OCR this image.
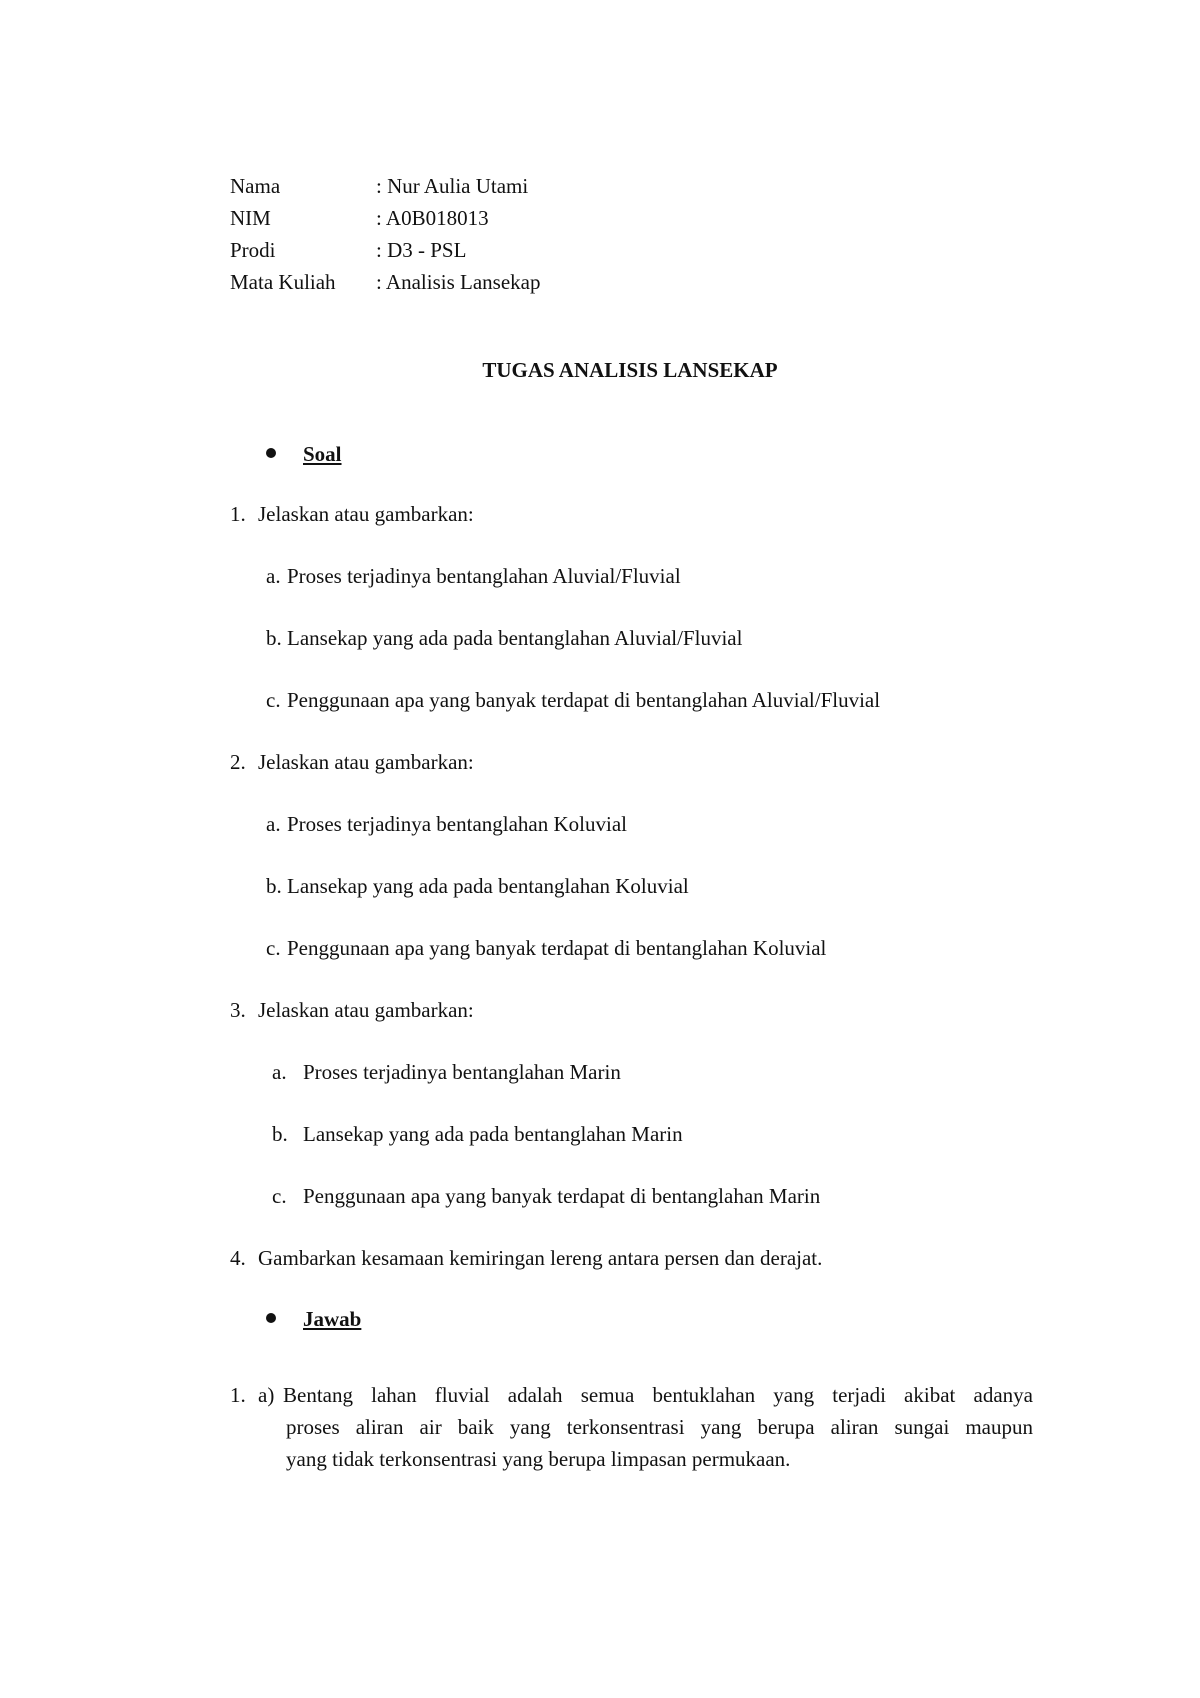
Nama	: Nur Aulia Utami
NIM	: A0B018013
Prodi	: D3 - PSL
Mata Kuliah : Analisis Lansekap
TUGAS ANALISIS LANSEKAP
Soal
1. Jelaskan atau gambarkan:
a. Proses terjadinya bentanglahan Aluvial/Fluvial
b. Lansekap yang ada pada bentanglahan Aluvial/Fluvial
c. Penggunaan apa yang banyak terdapat di bentanglahan Aluvial/Fluvial
2. Jelaskan atau gambarkan:
a. Proses terjadinya bentanglahan Koluvial
b. Lansekap yang ada pada bentanglahan Koluvial
c. Penggunaan apa yang banyak terdapat di bentanglahan Koluvial
3. Jelaskan atau gambarkan:
a. Proses terjadinya bentanglahan Marin
b. Lansekap yang ada pada bentanglahan Marin
c. Penggunaan apa yang banyak terdapat di bentanglahan Marin
4. Gambarkan kesamaan kemiringan lereng antara persen dan derajat.
Jawab
1. a) Bentang lahan fluvial adalah semua bentuklahan yang terjadi akibat adanya
proses aliran air baik yang terkonsentrasi yang berupa aliran sungai maupun
yang tidak terkonsentrasi yang berupa limpasan permukaan.
